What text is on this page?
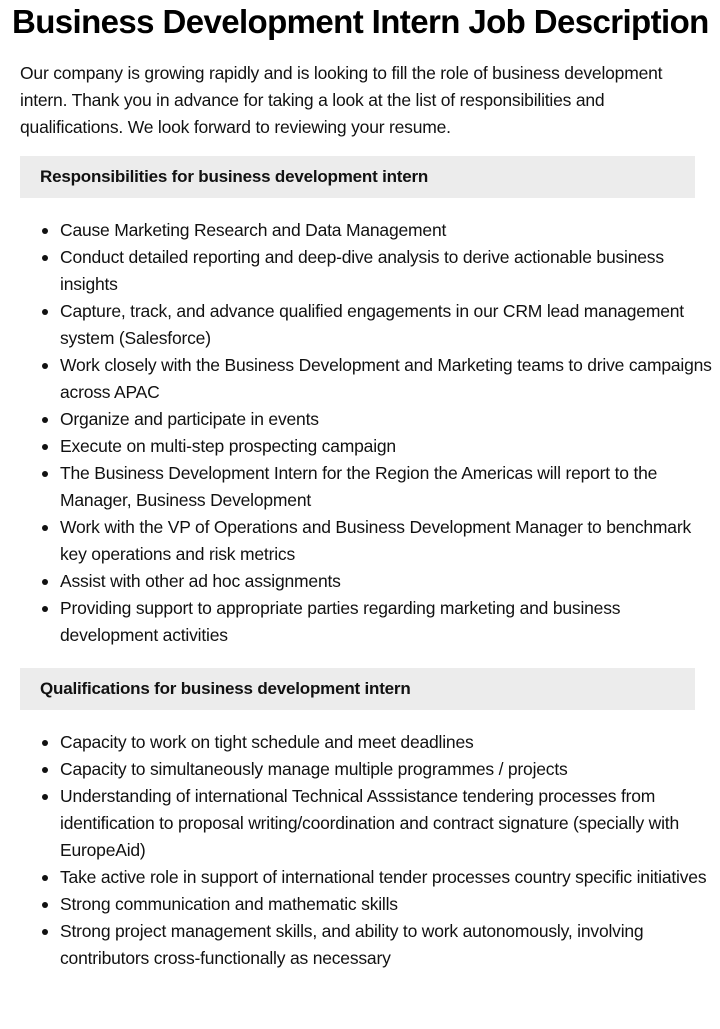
Business Development Intern Job Description

Our company is growing rapidly and is looking to fill the role of business development intern. Thank you in advance for taking a look at the list of responsibilities and qualifications. We look forward to reviewing your resume.

Responsibilities for business development intern
Cause Marketing Research and Data Management
Conduct detailed reporting and deep-dive analysis to derive actionable business insights
Capture, track, and advance qualified engagements in our CRM lead management system (Salesforce)
Work closely with the Business Development and Marketing teams to drive campaigns across APAC
Organize and participate in events
Execute on multi-step prospecting campaign
The Business Development Intern for the Region the Americas will report to the Manager, Business Development
Work with the VP of Operations and Business Development Manager to benchmark key operations and risk metrics
Assist with other ad hoc assignments
Providing support to appropriate parties regarding marketing and business development activities
Qualifications for business development intern
Capacity to work on tight schedule and meet deadlines
Capacity to simultaneously manage multiple programmes / projects
Understanding of international Technical Asssistance tendering processes from identification to proposal writing/coordination and contract signature (specially with EuropeAid)
Take active role in support of international tender processes country specific initiatives
Strong communication and mathematic skills
Strong project management skills, and ability to work autonomously, involving contributors cross-functionally as necessary
